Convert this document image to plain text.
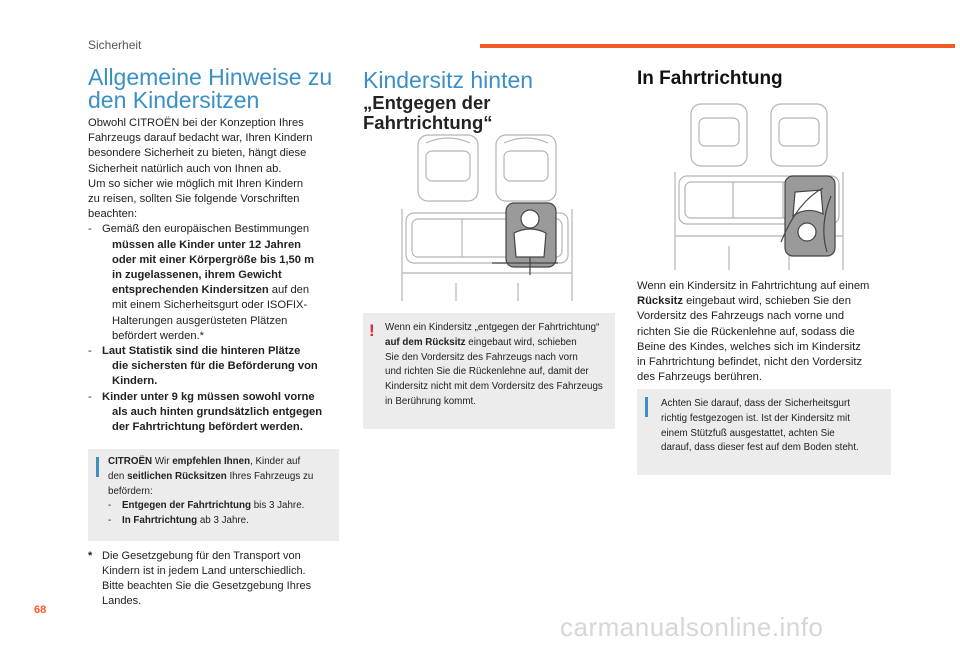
Sicherheit
Allgemeine Hinweise zu
den Kindersitzen
Obwohl CITROËN bei der Konzeption Ihres
Fahrzeugs darauf bedacht war, Ihren Kindern
besondere Sicherheit zu bieten, hängt diese
Sicherheit natürlich auch von Ihnen ab.
Um so sicher wie möglich mit Ihren Kindern
zu reisen, sollten Sie folgende Vorschriften
beachten:
- Gemäß den europäischen Bestimmungen
müssen alle Kinder unter 12 Jahren
oder mit einer Körpergröße bis 1,50 m
in zugelassenen, ihrem Gewicht
entsprechenden Kindersitzen auf den
mit einem Sicherheitsgurt oder ISOFIX-
Halterungen ausgerüsteten Plätzen
befördert werden.*
- Laut Statistik sind die hinteren Plätze
die sichersten für die Beförderung von
Kindern.
- Kinder unter 9 kg müssen sowohl vorne
als auch hinten grundsätzlich entgegen
der Fahrtrichtung befördert werden.
CITROËN Wir empfehlen Ihnen, Kinder auf
den seitlichen Rücksitzen Ihres Fahrzeugs zu
befördern:
- Entgegen der Fahrtrichtung bis 3 Jahre.
- In Fahrtrichtung ab 3 Jahre.
* Die Gesetzgebung für den Transport von
Kindern ist in jedem Land unterschiedlich.
Bitte beachten Sie die Gesetzgebung Ihres
Landes.
Kindersitz hinten
„Entgegen der
Fahrtrichtung“
! Wenn ein Kindersitz „entgegen der Fahrtrichtung“
auf dem Rücksitz eingebaut wird, schieben
Sie den Vordersitz des Fahrzeugs nach vorn
und richten Sie die Rückenlehne auf, damit der
Kindersitz nicht mit dem Vordersitz des Fahrzeugs
in Berührung kommt.
In Fahrtrichtung
Wenn ein Kindersitz in Fahrtrichtung auf einem
Rücksitz eingebaut wird, schieben Sie den
Vordersitz des Fahrzeugs nach vorne und
richten Sie die Rückenlehne auf, sodass die
Beine des Kindes, welches sich im Kindersitz
in Fahrtrichtung befindet, nicht den Vordersitz
des Fahrzeugs berühren.
Achten Sie darauf, dass der Sicherheitsgurt
richtig festgezogen ist. Ist der Kindersitz mit
einem Stützfuß ausgestattet, achten Sie
darauf, dass dieser fest auf dem Boden steht.
68
carmanualsonline.info
